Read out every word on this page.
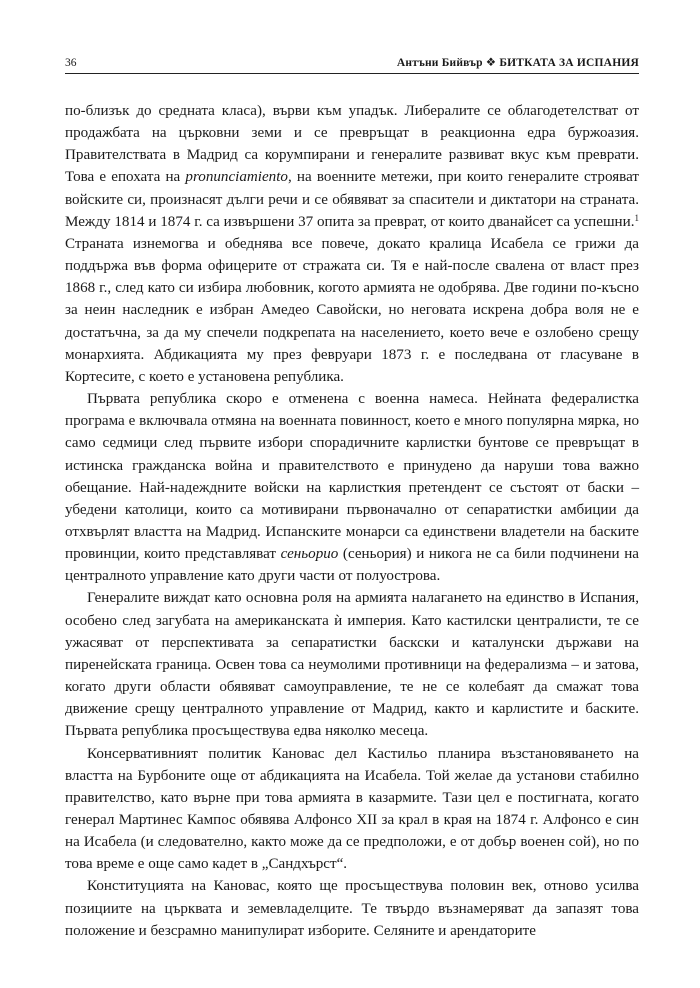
36	Антъни Бийвър ❖ БИТКАТА ЗА ИСПАНИЯ

по-близък до средната класа), върви към упадък. Либералите се облагодетелстват от продажбата на църковни земи и се превръщат в реакционна едра буржоазия. Правителствата в Мадрид са корумпирани и генералите развиват вкус към преврати. Това е епохата на pronunciamiento, на военните метежи, при които генералите строяват войските си, произнасят дълги речи и се обявяват за спасители и диктатори на страната. Между 1814 и 1874 г. са извършени 37 опита за преврат, от които дванайсет са успешни.$^1$ Страната изнемогва и обеднява все повече, докато кралица Исабела се грижи да поддържа във форма офицерите от стражата си. Тя е най-после свалена от власт през 1868 г., след като си избира любовник, когото армията не одобрява. Две години по-късно за неин наследник е избран Амедео Савойски, но неговата искрена добра воля не е достатъчна, за да му спечели подкрепата на населението, което вече е озлобено срещу монархията. Абдикацията му през февруари 1873 г. е последвана от гласуване в Кортесите, с което е установена република.

Първата република скоро е отменена с военна намеса. Нейната федералистка програма е включвала отмяна на военната повинност, което е много популярна мярка, но само седмици след първите избори спорадичните карлистки бунтове се превръщат в истинска гражданска война и правителството е принудено да наруши това важно обещание. Най-надеждните войски на карлисткия претендент се състоят от баски – убедени католици, които са мотивирани първоначално от сепаратистки амбиции да отхвърлят властта на Мадрид. Испанските монарси са единствени владетели на баските провинции, които представляват сеньорио (сеньория) и никога не са били подчинени на централното управление като други части от полуострова.

Генералите виждат като основна роля на армията налагането на единство в Испания, особено след загубата на американската ѝ империя. Като кастилски централисти, те се ужасяват от перспективата за сепаратистки баскски и каталунски държави на пиренейската граница. Освен това са неумолими противници на федерализма – и затова, когато други области обявяват самоуправление, те не се колебаят да смажат това движение срещу централното управление от Мадрид, както и карлистите и баските. Първата република просъществува едва няколко месеца.

Консервативният политик Кановас дел Кастильо планира възстановяването на властта на Бурбоните още от абдикацията на Исабела. Той желае да установи стабилно правителство, като върне при това армията в казармите. Тази цел е постигната, когато генерал Мартинес Кампос обявява Алфонсо XII за крал в края на 1874 г. Алфонсо е син на Исабела (и следователно, както може да се предположи, е от добър военен сой), но по това време е още само кадет в „Сандхърст“.

Конституцията на Кановас, която ще просъществува половин век, отново усилва позициите на църквата и земевладелците. Те твърдо възнамеряват да запазят това положение и безсрамно манипулират изборите. Селяните и арендаторите
